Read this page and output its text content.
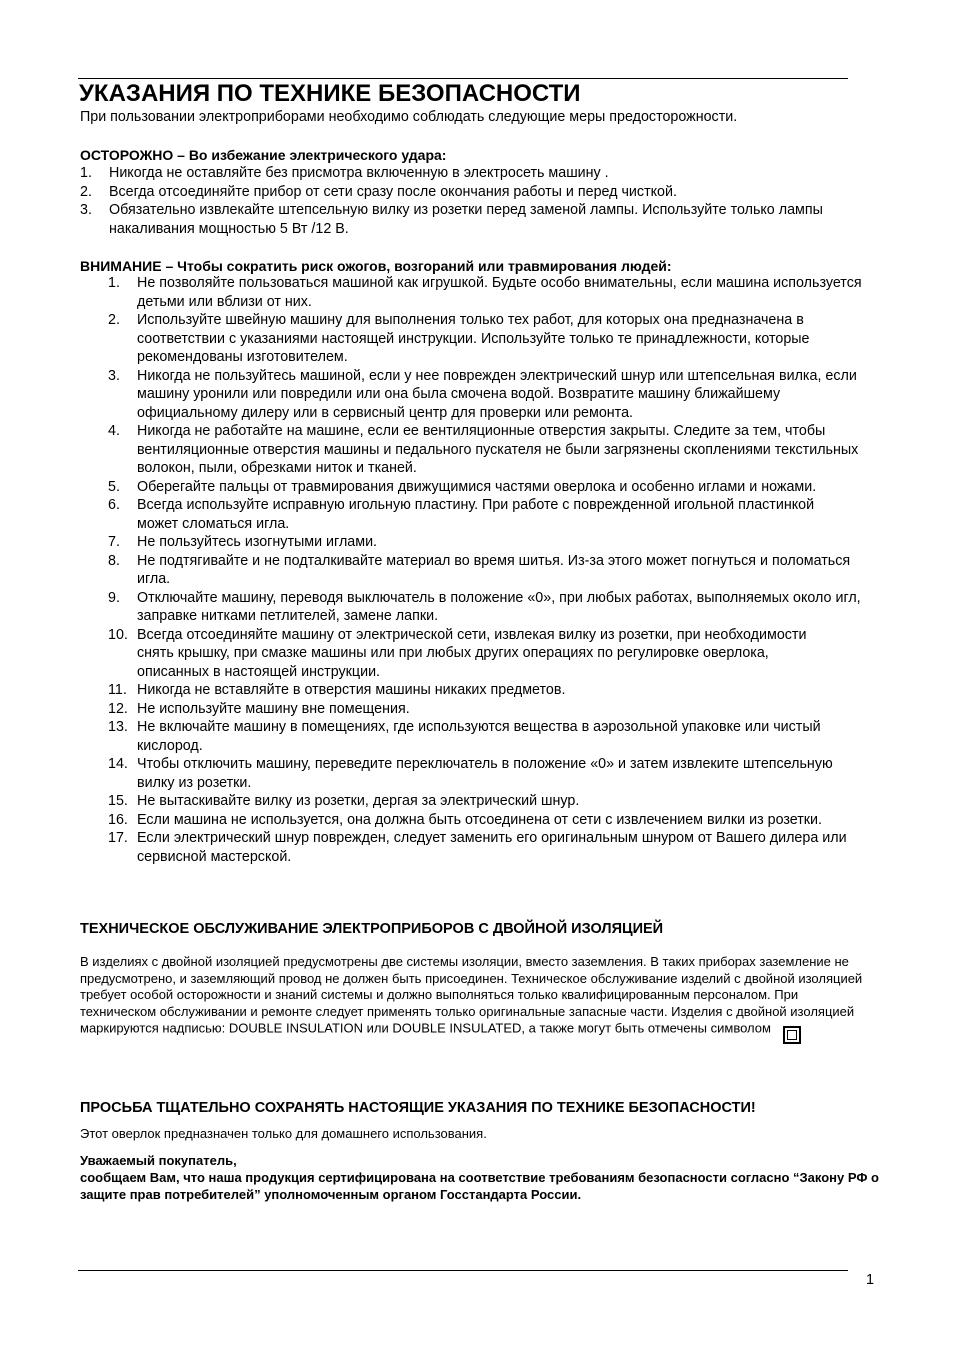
УКАЗАНИЯ ПО ТЕХНИКЕ БЕЗОПАСНОСТИ
При пользовании электроприборами необходимо соблюдать следующие меры предосторожности.
ОСТОРОЖНО – Во избежание электрического удара:
1.	Никогда не оставляйте без присмотра включенную в электросеть машину .
2.	Всегда отсоединяйте прибор от сети сразу после окончания работы и перед чисткой.
3.	Обязательно извлекайте штепсельную вилку из розетки перед заменой лампы. Используйте только лампы накаливания мощностью 5 Вт /12 В.
ВНИМАНИЕ – Чтобы сократить риск ожогов, возгораний или травмирования людей:
1.	Не позволяйте пользоваться машиной как игрушкой. Будьте особо внимательны, если машина используется детьми или вблизи от них.
2.	Используйте швейную машину для выполнения только тех работ, для которых она предназначена в соответствии с указаниями настоящей инструкции. Используйте только те принадлежности, которые рекомендованы изготовителем.
3.	Никогда не пользуйтесь машиной, если у нее поврежден электрический шнур или штепсельная вилка, если машину уронили или повредили или она была смочена водой. Возвратите машину ближайшему официальному дилеру или в сервисный центр для проверки или ремонта.
4.	Никогда не работайте на машине, если ее вентиляционные отверстия закрыты. Следите за тем, чтобы вентиляционные отверстия машины и педального пускателя не были загрязнены скоплениями текстильных волокон, пыли, обрезками ниток и тканей.
5.	Оберегайте пальцы от травмирования движущимися частями оверлока и особенно иглами и ножами.
6.	Всегда используйте исправную игольную пластину. При работе с поврежденной игольной пластинкой может сломаться игла.
7.	Не пользуйтесь изогнутыми иглами.
8.	Не подтягивайте и не подталкивайте материал во время шитья. Из-за этого может погнуться и поломаться игла.
9.	Отключайте машину, переводя выключатель в положение «0», при любых работах, выполняемых около игл, заправке нитками петлителей, замене лапки.
10. Всегда отсоединяйте машину от электрической сети, извлекая вилку из розетки, при необходимости снять крышку, при смазке машины или при любых других операциях по регулировке оверлока, описанных в настоящей инструкции.
11. Никогда не вставляйте в отверстия машины никаких предметов.
12. Не используйте машину вне помещения.
13. Не включайте машину в помещениях, где используются вещества в аэрозольной упаковке или чистый кислород.
14. Чтобы отключить машину, переведите переключатель в положение «0» и затем извлеките штепсельную вилку из розетки.
15. Не вытаскивайте вилку из розетки, дергая за электрический шнур.
16. Если машина не используется, она должна быть отсоединена от сети с извлечением вилки из розетки.
17. Если электрический шнур поврежден, следует заменить его оригинальным шнуром от Вашего дилера или сервисной мастерской.
ТЕХНИЧЕСКОЕ ОБСЛУЖИВАНИЕ ЭЛЕКТРОПРИБОРОВ С ДВОЙНОЙ ИЗОЛЯЦИЕЙ
В изделиях с двойной изоляцией предусмотрены две системы изоляции, вместо заземления. В таких приборах заземление не предусмотрено, и заземляющий провод не должен быть присоединен. Техническое обслуживание изделий с двойной изоляцией требует особой осторожности и знаний системы и должно выполняться только квалифицированным персоналом. При техническом обслуживании и ремонте следует применять только оригинальные запасные части. Изделия с двойной изоляцией маркируются надписью: DOUBLE INSULATION или DOUBLE INSULATED, а также могут быть отмечены символом
ПРОСЬБА ТЩАТЕЛЬНО СОХРАНЯТЬ НАСТОЯЩИЕ УКАЗАНИЯ ПО ТЕХНИКЕ БЕЗОПАСНОСТИ!
Этот оверлок предназначен только для домашнего использования.
Уважаемый покупатель,
сообщаем Вам, что наша продукция сертифицирована на соответствие требованиям безопасности согласно “Закону РФ о защите прав потребителей” уполномоченным органом Госстандарта России.
1
